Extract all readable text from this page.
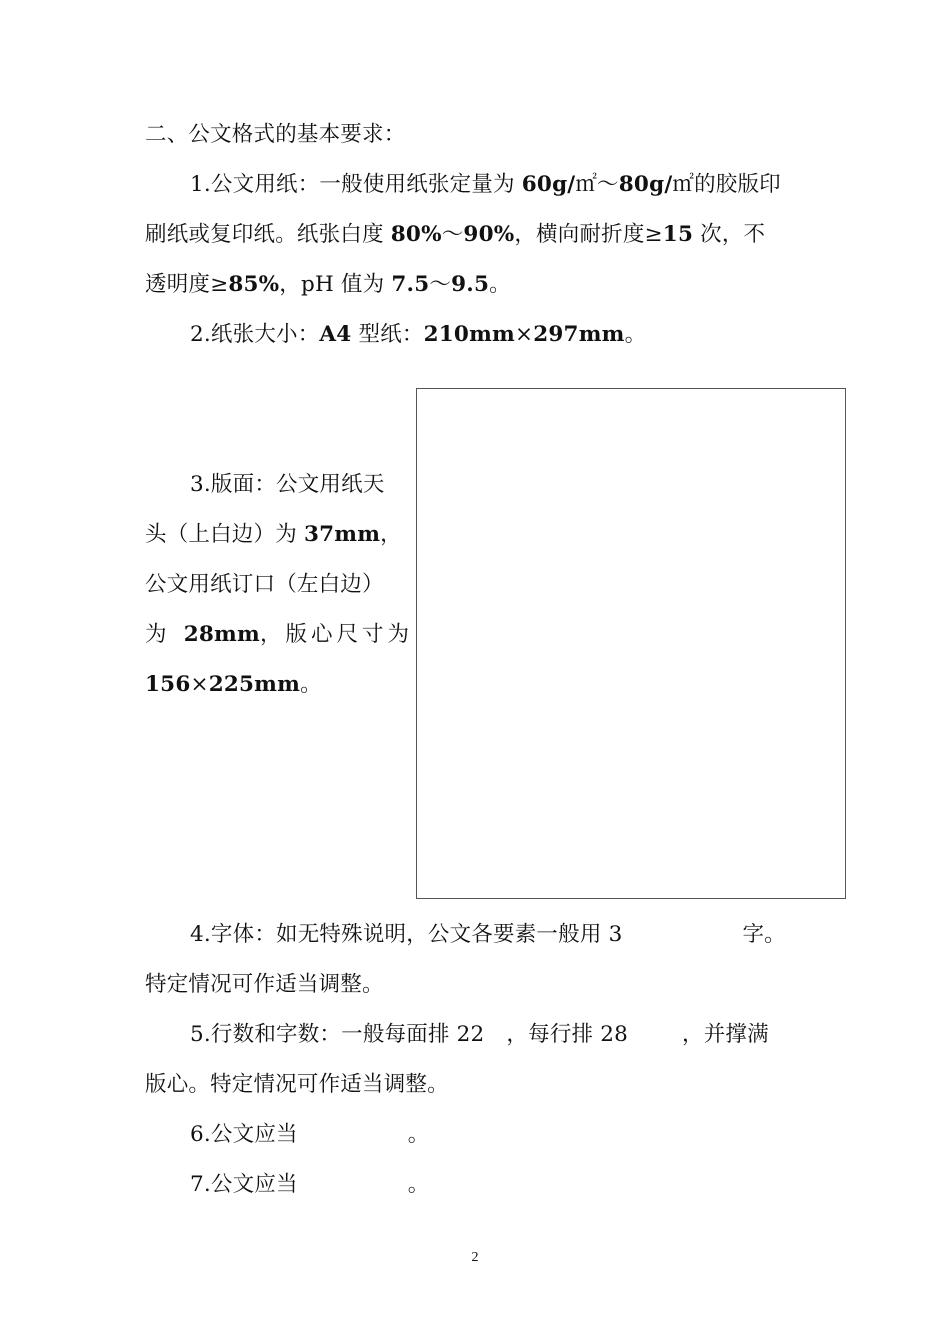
二、公文格式的基本要求：
1.公文用纸：一般使用纸张定量为 60g/㎡～80g/㎡的胶版印
刷纸或复印纸。纸张白度 80%～90%，横向耐折度≥15 次，不
透明度≥85%，pH 值为 7.5～9.5。
2.纸张大小：A4 型纸：210mm×297mm。
3.版面：公文用纸天
头（上白边）为 37mm，
公文用纸订口（左白边）
为 28mm，版心尺寸为
156×225mm。
4.字体：如无特殊说明，公文各要素一般用 3	字。
特定情况可作适当调整。
5.行数和字数：一般每面排 22 ，每行排 28	，并撑满
版心。特定情况可作适当调整。
6.公文应当	。
7.公文应当	。
2
